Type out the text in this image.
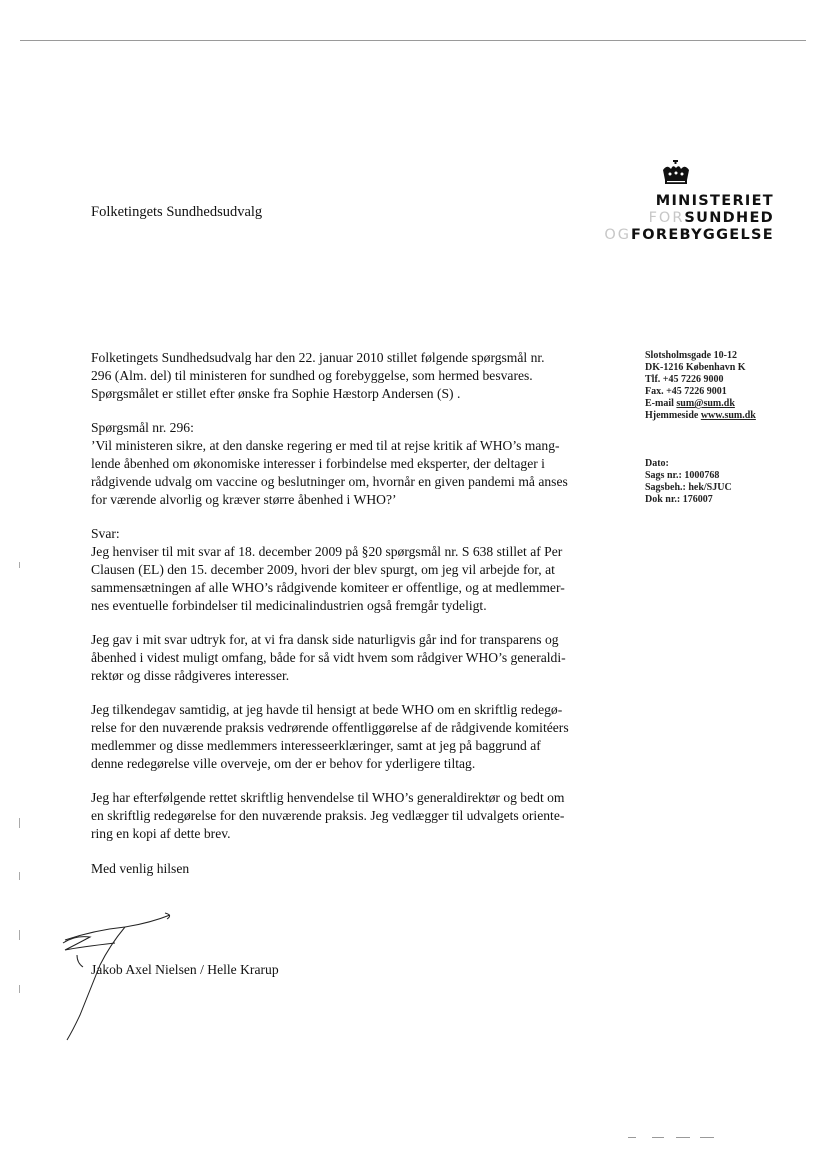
Folketingets Sundhedsudvalg
MINISTERIET
FORSUNDHED
OGFOREBYGGELSE

Folketingets Sundhedsudvalg har den 22. januar 2010 stillet følgende spørgsmål nr.
296 (Alm. del) til ministeren for sundhed og forebyggelse, som hermed besvares.
Spørgsmålet er stillet efter ønske fra Sophie Hæstorp Andersen (S) .

Spørgsmål nr. 296:
’Vil ministeren sikre, at den danske regering er med til at rejse kritik af WHO’s mang-
lende åbenhed om økonomiske interesser i forbindelse med eksperter, der deltager i
rådgivende udvalg om vaccine og beslutninger om, hvornår en given pandemi må anses
for værende alvorlig og kræver større åbenhed i WHO?’

Svar:
Jeg henviser til mit svar af 18. december 2009 på §20 spørgsmål nr. S 638 stillet af Per
Clausen (EL) den 15. december 2009, hvori der blev spurgt, om jeg vil arbejde for, at
sammensætningen af alle WHO’s rådgivende komiteer er offentlige, og at medlemmer-
nes eventuelle forbindelser til medicinalindustrien også fremgår tydeligt.

Jeg gav i mit svar udtryk for, at vi fra dansk side naturligvis går ind for transparens og
åbenhed i videst muligt omfang, både for så vidt hvem som rådgiver WHO’s generaldi-
rektør og disse rådgiveres interesser.

Jeg tilkendegav samtidig, at jeg havde til hensigt at bede WHO om en skriftlig redegø-
relse for den nuværende praksis vedrørende offentliggørelse af de rådgivende komitéers
medlemmer og disse medlemmers interesseerklæringer, samt at jeg på baggrund af
denne redegørelse ville overveje, om der er behov for yderligere tiltag.

Jeg har efterfølgende rettet skriftlig henvendelse til WHO’s generaldirektør og bedt om
en skriftlig redegørelse for den nuværende praksis. Jeg vedlægger til udvalgets oriente-
ring en kopi af dette brev.

Slotsholmsgade 10-12
DK-1216 København K
Tlf. +45 7226 9000
Fax. +45 7226 9001
E-mail sum@sum.dk
Hjemmeside www.sum.dk
Dato:
Sags nr.: 1000768
Sagsbeh.: hek/SJUC
Dok nr.: 176007
Med venlig hilsen
Jakob Axel Nielsen / Helle Krarup
